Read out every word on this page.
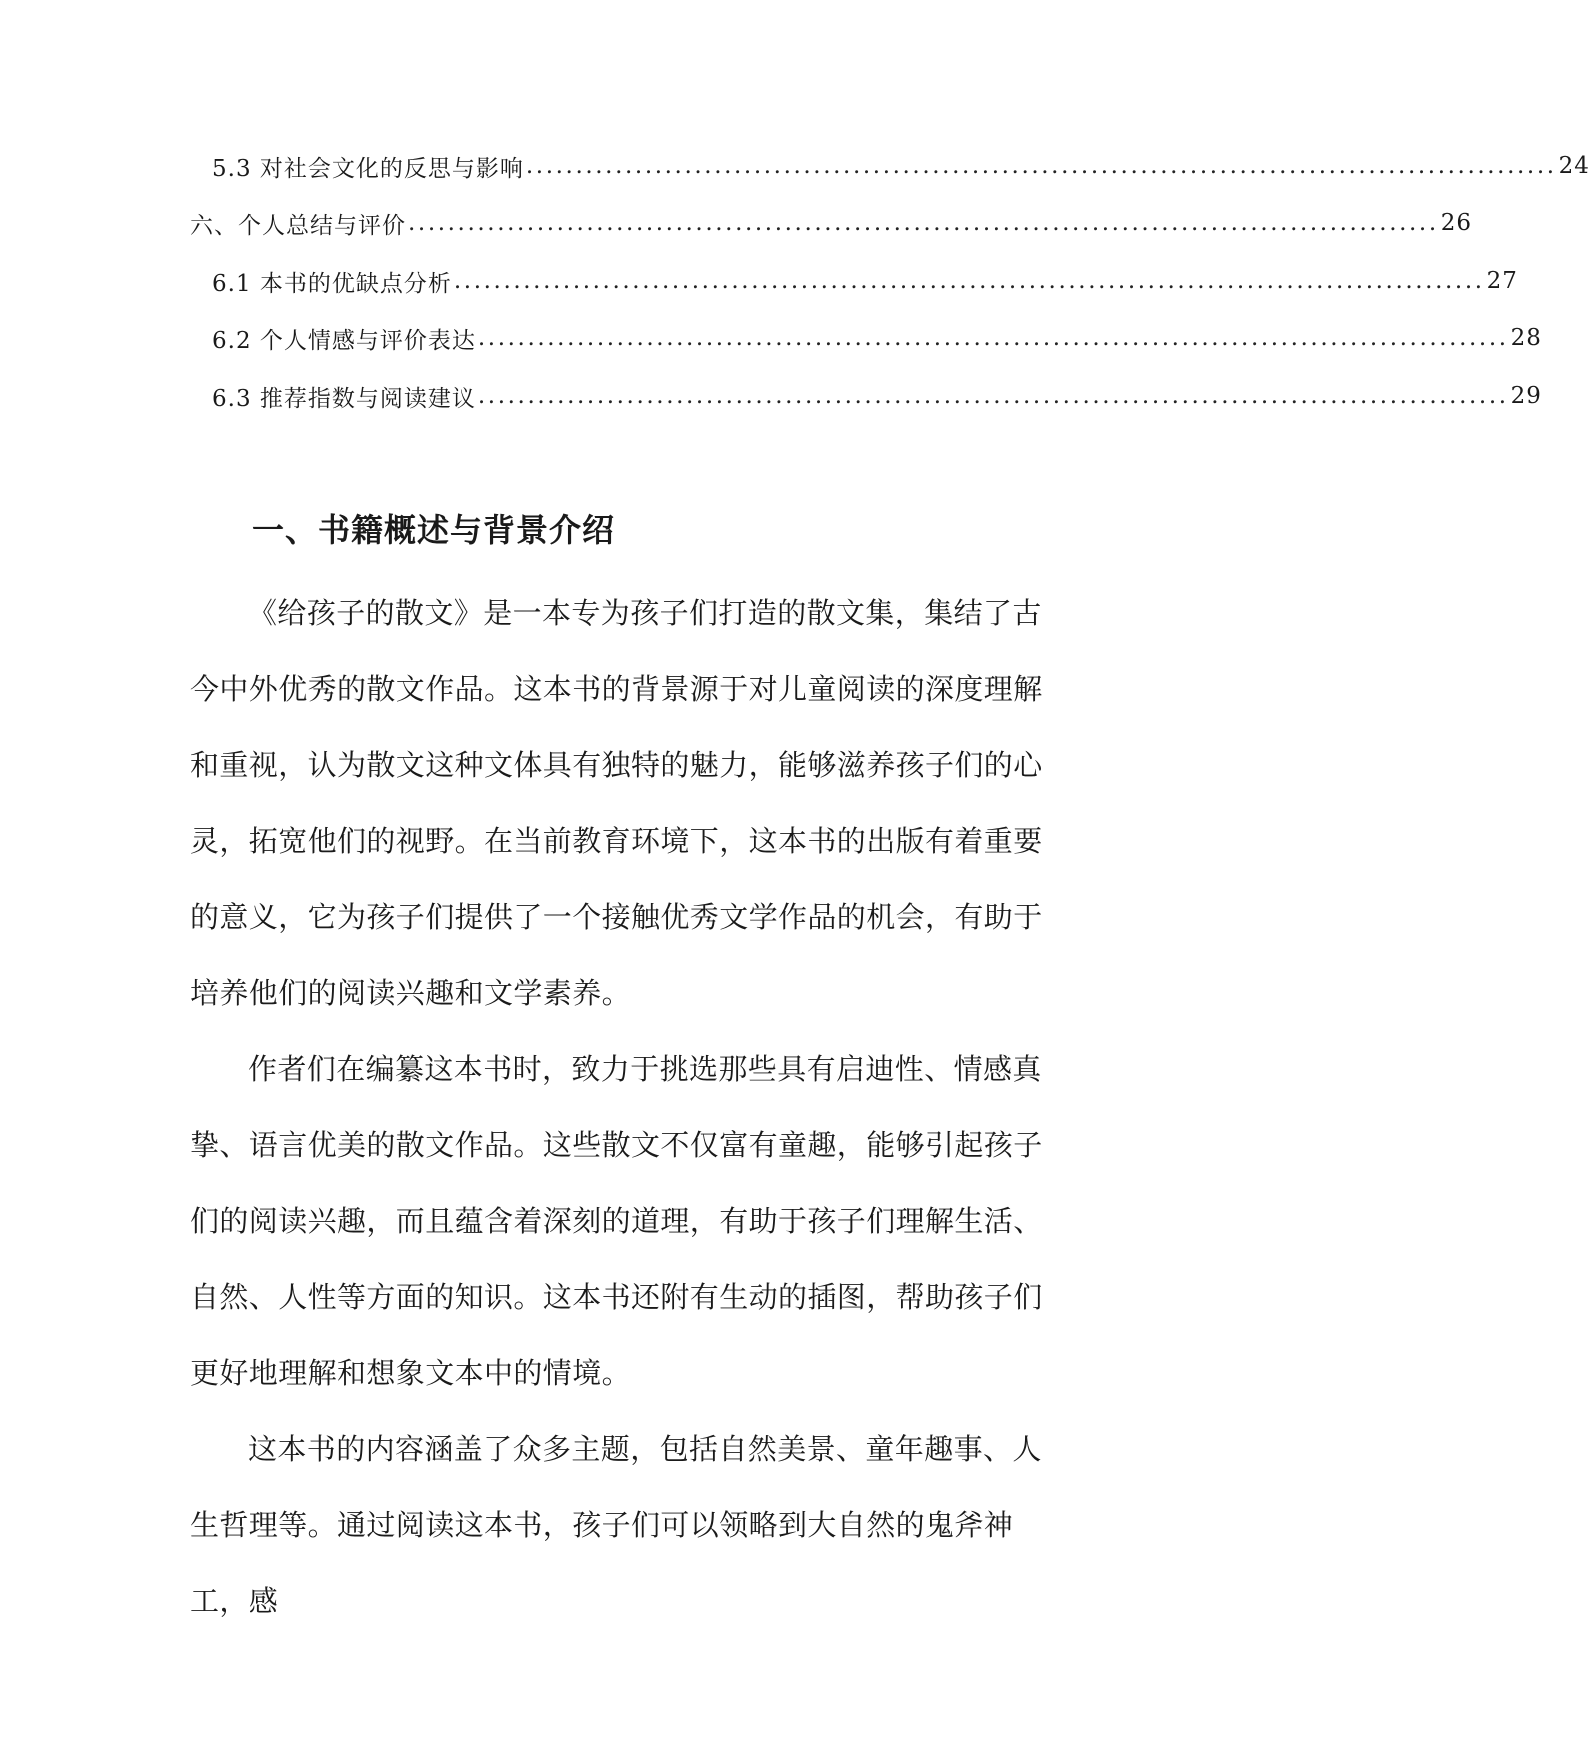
5.3 对社会文化的反思与影响 ........................................................................................................ 24
六、个人总结与评价 ........................................................................................................ 26
6.1 本书的优缺点分析 ........................................................................................................ 27
6.2 个人情感与评价表达 ........................................................................................................ 28
6.3 推荐指数与阅读建议 ........................................................................................................ 29
一、书籍概述与背景介绍

《给孩子的散文》是一本专为孩子们打造的散文集，集结了古今中外优秀的散文作品。这本书的背景源于对儿童阅读的深度理解和重视，认为散文这种文体具有独特的魅力，能够滋养孩子们的心灵，拓宽他们的视野。在当前教育环境下，这本书的出版有着重要的意义，它为孩子们提供了一个接触优秀文学作品的机会，有助于培养他们的阅读兴趣和文学素养。

作者们在编纂这本书时，致力于挑选那些具有启迪性、情感真挚、语言优美的散文作品。这些散文不仅富有童趣，能够引起孩子们的阅读兴趣，而且蕴含着深刻的道理，有助于孩子们理解生活、自然、人性等方面的知识。这本书还附有生动的插图，帮助孩子们更好地理解和想象文本中的情境。

这本书的内容涵盖了众多主题，包括自然美景、童年趣事、人生哲理等。通过阅读这本书，孩子们可以领略到大自然的鬼斧神工，感
